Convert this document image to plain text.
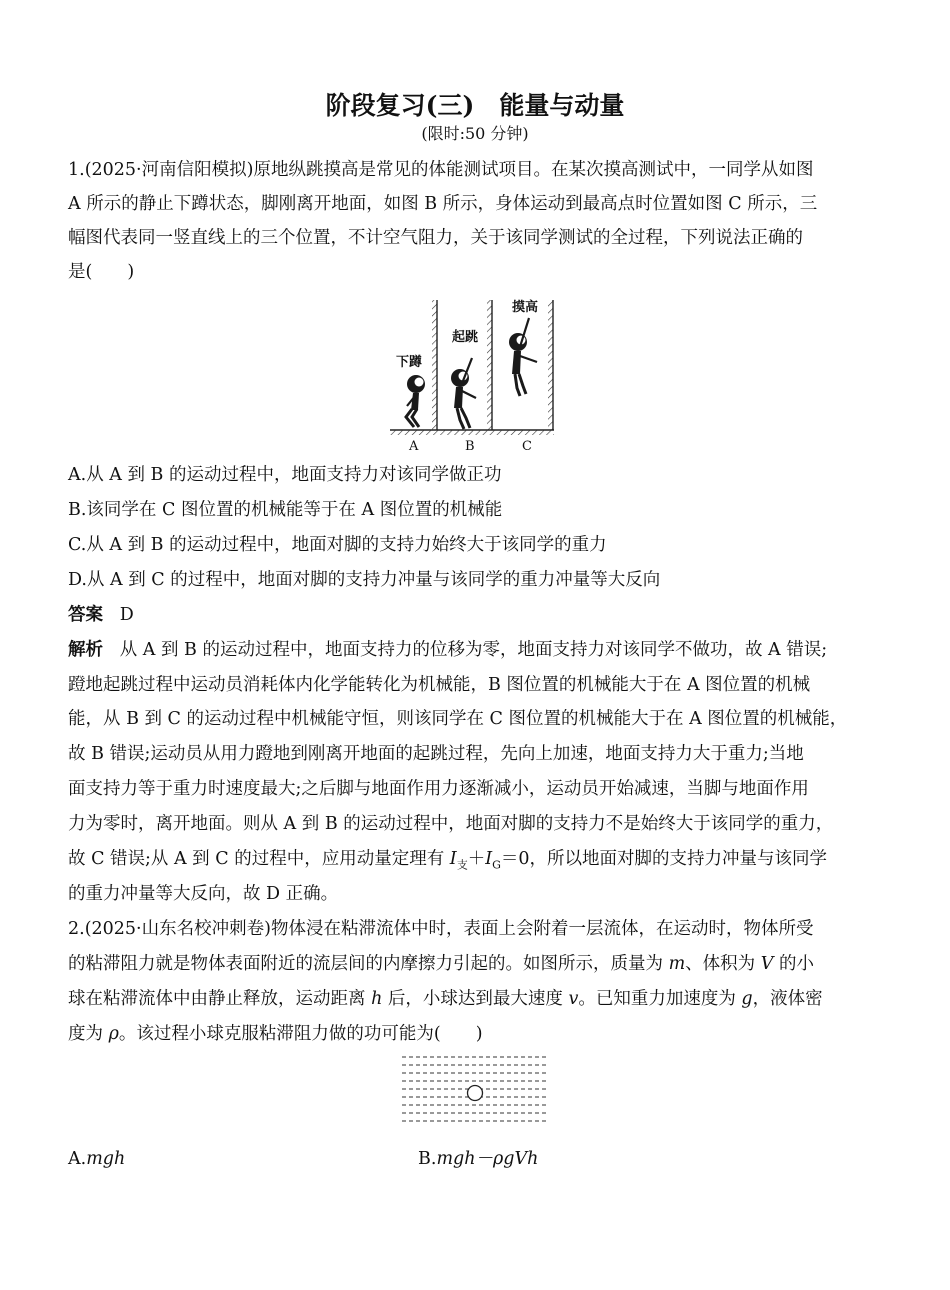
阶段复习(三)　能量与动量
(限时:50 分钟)
1.(2025·河南信阳模拟)原地纵跳摸高是常见的体能测试项目。在某次摸高测试中，一同学从如图
A 所示的静止下蹲状态，脚刚离开地面，如图 B 所示，身体运动到最高点时位置如图 C 所示，三
幅图代表同一竖直线上的三个位置，不计空气阻力，关于该同学测试的全过程，下列说法正确的
是(　　)
下蹲
起跳
摸高
A	B	C
A.从 A 到 B 的运动过程中，地面支持力对该同学做正功
B.该同学在 C 图位置的机械能等于在 A 图位置的机械能
C.从 A 到 B 的运动过程中，地面对脚的支持力始终大于该同学的重力
D.从 A 到 C 的过程中，地面对脚的支持力冲量与该同学的重力冲量等大反向
答案 D
解析 从 A 到 B 的运动过程中，地面支持力的位移为零，地面支持力对该同学不做功，故 A 错误;
蹬地起跳过程中运动员消耗体内化学能转化为机械能，B 图位置的机械能大于在 A 图位置的机械
能，从 B 到 C 的运动过程中机械能守恒，则该同学在 C 图位置的机械能大于在 A 图位置的机械能，
故 B 错误;运动员从用力蹬地到刚离开地面的起跳过程，先向上加速，地面支持力大于重力;当地
面支持力等于重力时速度最大;之后脚与地面作用力逐渐减小，运动员开始减速，当脚与地面作用
力为零时，离开地面。则从 A 到 B 的运动过程中，地面对脚的支持力不是始终大于该同学的重力，
故 C 错误;从 A 到 C 的过程中，应用动量定理有 $I_支+I_G=0$，所以地面对脚的支持力冲量与该同学
的重力冲量等大反向，故 D 正确。
2.(2025·山东名校冲刺卷)物体浸在粘滞流体中时，表面上会附着一层流体，在运动时，物体所受
的粘滞阻力就是物体表面附近的流层间的内摩擦力引起的。如图所示，质量为 m、体积为 V 的小
球在粘滞流体中由静止释放，运动距离 h 后，小球达到最大速度 v。已知重力加速度为 g，液体密
度为 ρ。该过程小球克服粘滞阻力做的功可能为(　　)
A.mgh	B.mgh－ρgVh
